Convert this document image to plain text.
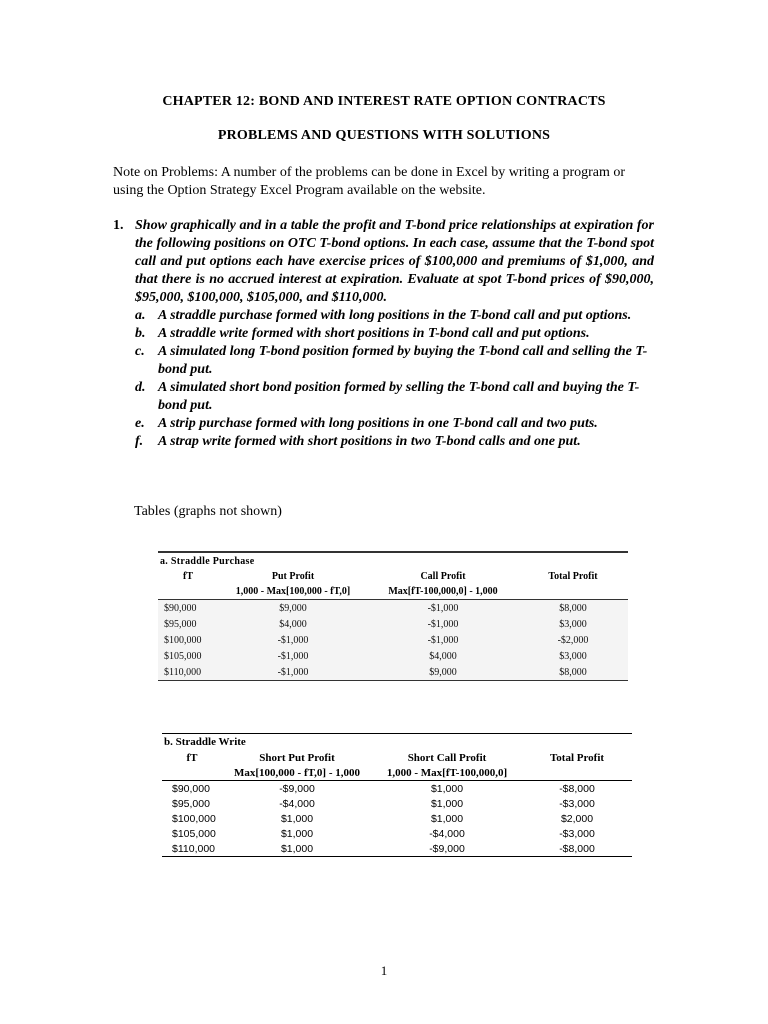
CHAPTER 12: BOND AND INTEREST RATE OPTION CONTRACTS
PROBLEMS AND QUESTIONS WITH SOLUTIONS
Note on Problems: A number of the problems can be done in Excel by writing a program or using the Option Strategy Excel Program available on the website.
1. Show graphically and in a table the profit and T-bond price relationships at expiration for the following positions on OTC T-bond options. In each case, assume that the T-bond spot call and put options each have exercise prices of $100,000 and premiums of $1,000, and that there is no accrued interest at expiration. Evaluate at spot T-bond prices of $90,000, $95,000, $100,000, $105,000, and $110,000.
a. A straddle purchase formed with long positions in the T-bond call and put options.
b. A straddle write formed with short positions in T-bond call and put options.
c. A simulated long T-bond position formed by buying the T-bond call and selling the T-bond put.
d. A simulated short bond position formed by selling the T-bond call and buying the T-bond put.
e. A strip purchase formed with long positions in one T-bond call and two puts.
f. A strap write formed with short positions in two T-bond calls and one put.
Tables (graphs not shown)
a. Straddle Purchase
fT	Put Profit	Call Profit	Total Profit
	1,000 - Max[100,000 - fT,0]	Max[fT-100,000,0] - 1,000	

$90,000	$9,000	-$1,000	$8,000
$95,000	$4,000	-$1,000	$3,000
$100,000	-$1,000	-$1,000	-$2,000
$105,000	-$1,000	$4,000	$3,000
$110,000	-$1,000	$9,000	$8,000
b. Straddle Write
fT	Short Put Profit	Short Call Profit	Total Profit
	Max[100,000 - fT,0] - 1,000	1,000 - Max[fT-100,000,0]	

$90,000	-$9,000	$1,000	-$8,000
$95,000	-$4,000	$1,000	-$3,000
$100,000	$1,000	$1,000	$2,000
$105,000	$1,000	-$4,000	-$3,000
$110,000	$1,000	-$9,000	-$8,000
1
